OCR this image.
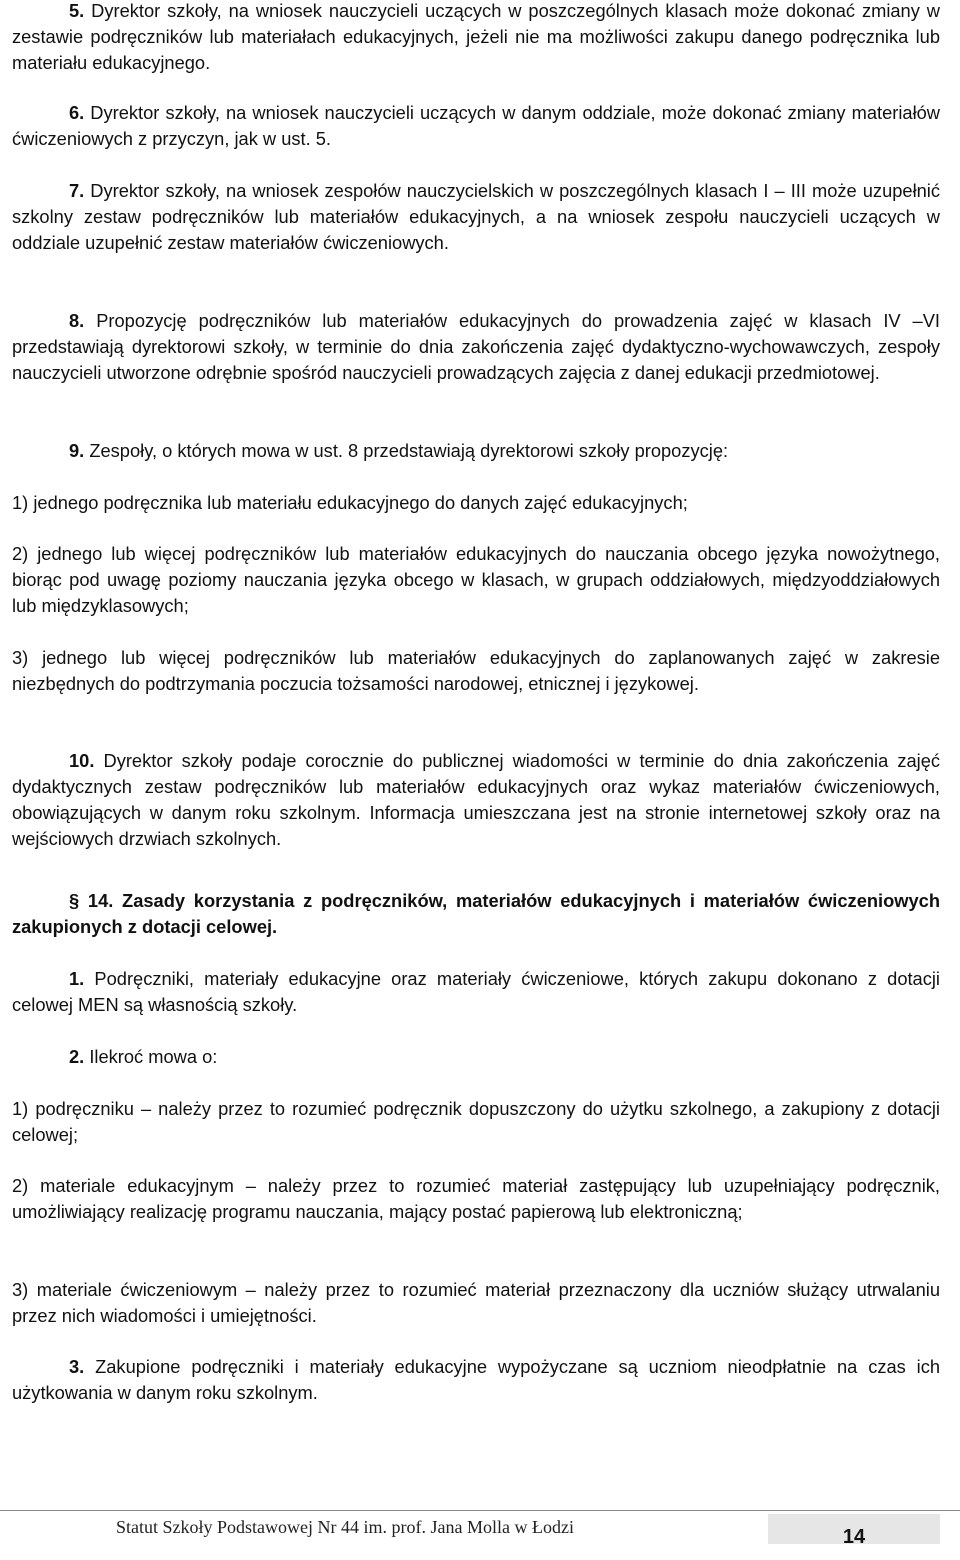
5. Dyrektor szkoły, na wniosek nauczycieli uczących w poszczególnych klasach może dokonać zmiany w zestawie podręczników lub materiałach edukacyjnych, jeżeli nie ma możliwości zakupu danego podręcznika lub materiału edukacyjnego.

6. Dyrektor szkoły, na wniosek nauczycieli uczących w danym oddziale, może dokonać zmiany materiałów ćwiczeniowych z przyczyn, jak w ust. 5.

7. Dyrektor szkoły, na wniosek zespołów nauczycielskich w poszczególnych klasach I – III może uzupełnić szkolny zestaw podręczników lub materiałów edukacyjnych, a na wniosek zespołu nauczycieli uczących w oddziale uzupełnić zestaw materiałów ćwiczeniowych.

8. Propozycję podręczników lub materiałów edukacyjnych do prowadzenia zajęć w klasach IV –VI przedstawiają dyrektorowi szkoły, w terminie do dnia zakończenia zajęć dydaktyczno-wychowawczych, zespoły nauczycieli utworzone odrębnie spośród nauczycieli prowadzących zajęcia z danej edukacji przedmiotowej.

9. Zespoły, o których mowa w ust. 8 przedstawiają dyrektorowi szkoły propozycję:

1) jednego podręcznika lub materiału edukacyjnego do danych zajęć edukacyjnych;

2) jednego lub więcej podręczników lub materiałów edukacyjnych do nauczania obcego języka nowożytnego, biorąc pod uwagę poziomy nauczania języka obcego w klasach, w grupach oddziałowych, międzyoddziałowych lub międzyklasowych;

3) jednego lub więcej podręczników lub materiałów edukacyjnych do zaplanowanych zajęć w zakresie niezbędnych do podtrzymania poczucia tożsamości narodowej, etnicznej i językowej.

10. Dyrektor szkoły podaje corocznie do publicznej wiadomości w terminie do dnia zakończenia zajęć dydaktycznych zestaw podręczników lub materiałów edukacyjnych oraz wykaz materiałów ćwiczeniowych, obowiązujących w danym roku szkolnym. Informacja umieszczana jest na stronie internetowej szkoły oraz na wejściowych drzwiach szkolnych.

§ 14. Zasady korzystania z podręczników, materiałów edukacyjnych i materiałów ćwiczeniowych zakupionych z dotacji celowej.

1. Podręczniki, materiały edukacyjne oraz materiały ćwiczeniowe, których zakupu dokonano z dotacji celowej MEN są własnością szkoły.

2. Ilekroć mowa o:

1) podręczniku – należy przez to rozumieć podręcznik dopuszczony do użytku szkolnego, a zakupiony z dotacji celowej;

2) materiale edukacyjnym – należy przez to rozumieć materiał zastępujący lub uzupełniający podręcznik, umożliwiający realizację programu nauczania, mający postać papierową lub elektroniczną;

3) materiale ćwiczeniowym – należy przez to rozumieć materiał przeznaczony dla uczniów służący utrwalaniu przez nich wiadomości i umiejętności.

3. Zakupione podręczniki i materiały edukacyjne wypożyczane są uczniom nieodpłatnie na czas ich użytkowania w danym roku szkolnym.

Statut Szkoły Podstawowej Nr 44 im. prof. Jana Molla w Łodzi	14
